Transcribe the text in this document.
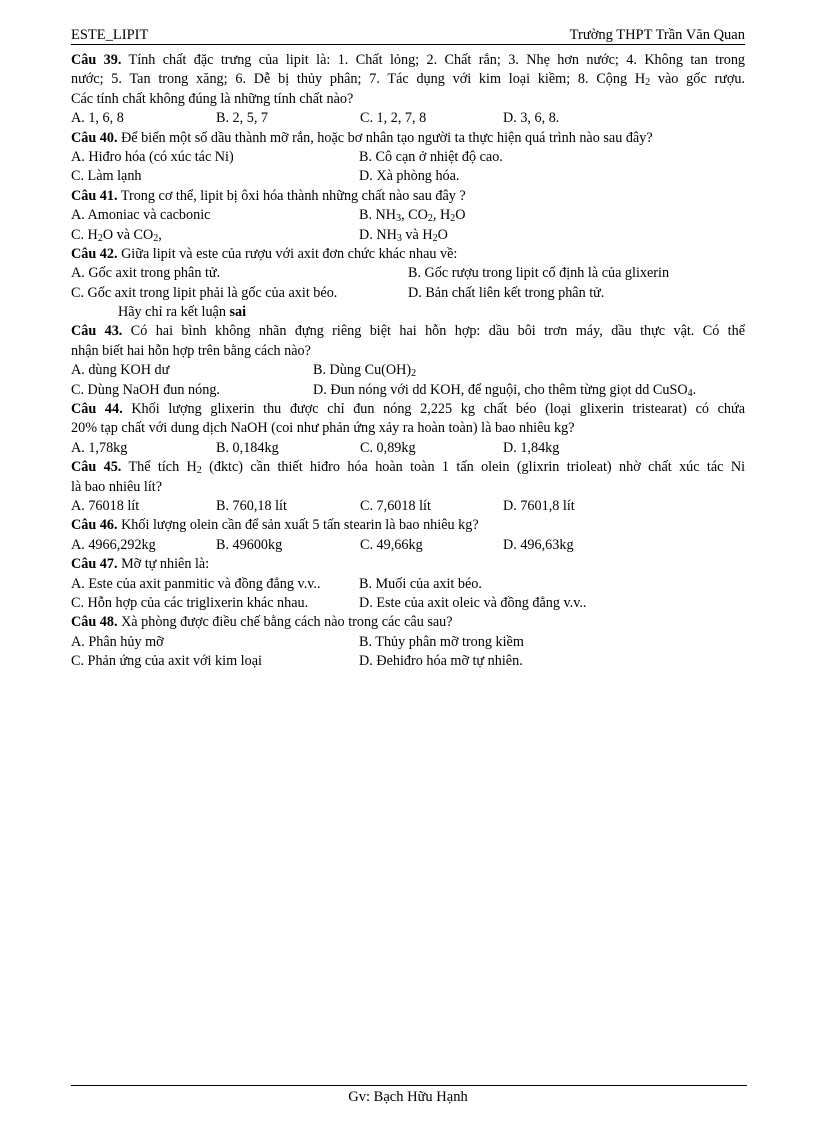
ESTE_LIPIT	Trường THPT Trần Văn Quan
Câu 39. Tính chất đặc trưng của lipit là: 1. Chất lỏng; 2. Chất rắn; 3. Nhẹ hơn nước; 4. Không tan trong
nước; 5. Tan trong xăng; 6. Dễ bị thủy phân; 7. Tác dụng với kim loại kiềm; 8. Cộng $H_2$ vào gốc rượu.
Các tính chất không đúng là những tính chất nào?
A. 1, 6, 8	B. 2, 5, 7	C. 1, 2, 7, 8	D. 3, 6, 8.
Câu 40. Để biến một số dầu thành mỡ rắn, hoặc bơ nhân tạo người ta thực hiện quá trình nào sau đây?
A. Hiđro hóa (có xúc tác Ni)	B. Cô cạn ở nhiệt độ cao.
C. Làm lạnh	D. Xà phòng hóa.
Câu 41. Trong cơ thể, lipit bị ôxi hóa thành những chất nào sau đây ?
A. Amoniac và cacbonic	B. $NH_3$, $CO_2$, $H_2O$
C. $H_2O$ và $CO_2$,	D. $NH_3$ và $H_2O$
Câu 42. Giữa lipit và este của rượu với axit đơn chức khác nhau về:
A. Gốc axit trong phân tử.	B. Gốc rượu trong lipit cố định là của glixerin
C. Gốc axit trong lipit phải là gốc của axit béo.	D. Bản chất liên kết trong phân tử.
Hãy chỉ ra kết luận sai
Câu 43. Có hai bình không nhãn đựng riêng biệt hai hỗn hợp: dầu bôi trơn máy, dầu thực vật. Có thể
nhận biết hai hỗn hợp trên bằng cách nào?
A. dùng KOH dư	B. Dùng $Cu(OH)_2$
C. Dùng NaOH đun nóng.	D. Đun nóng với dd KOH, để nguội, cho thêm từng giọt dd CuSO$_4$.
Câu 44. Khối lượng glixerin thu được chỉ đun nóng 2,225 kg chất béo (loại glixerin tristearat) có chứa
20% tạp chất với dung dịch NaOH (coi như phản ứng xảy ra hoàn toàn) là bao nhiêu kg?
A. 1,78kg	B. 0,184kg	C. 0,89kg	D. 1,84kg
Câu 45. Thể tích $H_2$ (đktc) cần thiết hiđro hóa hoàn toàn 1 tấn olein (glixrin trioleat) nhờ chất xúc tác Ni
là bao nhiêu lít?
A. 76018 lít	B. 760,18 lít	C. 7,6018 lít	D. 7601,8 lít
Câu 46. Khối lượng olein cần để sản xuất 5 tấn stearin là bao nhiêu kg?
A. 4966,292kg	B. 49600kg	C. 49,66kg	D. 496,63kg
Câu 47. Mỡ tự nhiên là:
A. Este của axit panmitic và đồng đẳng v.v..	B. Muối của axit béo.
C. Hỗn hợp của các triglixerin khác nhau.	D. Este của axit oleic và đồng đẳng v.v..
Câu 48. Xà phòng được điều chế bằng cách nào trong các câu sau?
A. Phân hủy mỡ	B. Thủy phân mỡ trong kiềm
C. Phản ứng của axit với kim loại	D. Đehiđro hóa mỡ tự nhiên.
Gv: Bạch Hữu Hạnh
